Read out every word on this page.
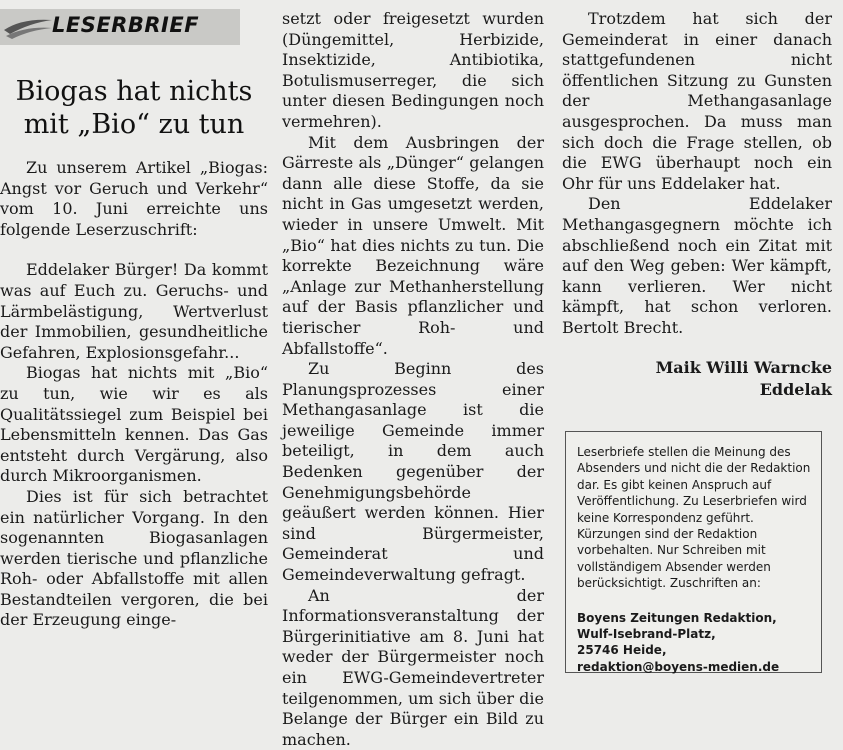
LESERBRIEF
Biogas hat nichts mit „Bio“ zu tun

Zu unserem Artikel „Biogas: Angst vor Geruch und Verkehr“ vom 10. Juni erreichte uns folgende Leserzuschrift:

Eddelaker Bürger! Da kommt was auf Euch zu. Geruchs- und Lärmbelästigung, Wertverlust der Immobilien, gesundheitliche Gefahren, Explosionsgefahr...

Biogas hat nichts mit „Bio“ zu tun, wie wir es als Qualitätssiegel zum Beispiel bei Lebensmitteln kennen. Das Gas entsteht durch Vergärung, also durch Mikroorganismen.

Dies ist für sich betrachtet ein natürlicher Vorgang. In den sogenannten Biogasanlagen werden tierische und pflanzliche Roh- oder Abfallstoffe mit allen Bestandteilen vergoren, die bei der Erzeugung einge-

setzt oder freigesetzt wurden (Düngemittel, Herbizide, Insektizide, Antibiotika, Botulismuserreger, die sich unter diesen Bedingungen noch vermehren).

Mit dem Ausbringen der Gärreste als „Dünger“ gelangen dann alle diese Stoffe, da sie nicht in Gas umgesetzt werden, wieder in unsere Umwelt. Mit „Bio“ hat dies nichts zu tun. Die korrekte Bezeichnung wäre „Anlage zur Methanherstellung auf der Basis pflanzlicher und tierischer Roh- und Abfallstoffe“.

Zu Beginn des Planungsprozesses einer Methangasanlage ist die jeweilige Gemeinde immer beteiligt, in dem auch Bedenken gegenüber der Genehmigungsbehörde geäußert werden können. Hier sind Bürgermeister, Gemeinderat und Gemeindeverwaltung gefragt.

An der Informationsveranstaltung der Bürgerinitiative am 8. Juni hat weder der Bürgermeister noch ein EWG-Gemeindevertreter teilgenommen, um sich über die Belange der Bürger ein Bild zu machen.

Trotzdem hat sich der Gemeinderat in einer danach stattgefundenen nicht öffentlichen Sitzung zu Gunsten der Methangasanlage ausgesprochen. Da muss man sich doch die Frage stellen, ob die EWG überhaupt noch ein Ohr für uns Eddelaker hat.

Den Eddelaker Methangasgegnern möchte ich abschließend noch ein Zitat mit auf den Weg geben: Wer kämpft, kann verlieren. Wer nicht kämpft, hat schon verloren. Bertolt Brecht.

Maik Willi Warncke
Eddelak

Leserbriefe stellen die Meinung des Absenders und nicht die der Redaktion dar. Es gibt keinen Anspruch auf Veröffentlichung. Zu Leserbriefen wird keine Korrespondenz geführt. Kürzungen sind der Redaktion vorbehalten. Nur Schreiben mit vollständigem Absender werden berücksichtigt. Zuschriften an:

Boyens Zeitungen Redaktion,
Wulf-Isebrand-Platz,
25746 Heide,
redaktion@boyens-medien.de
